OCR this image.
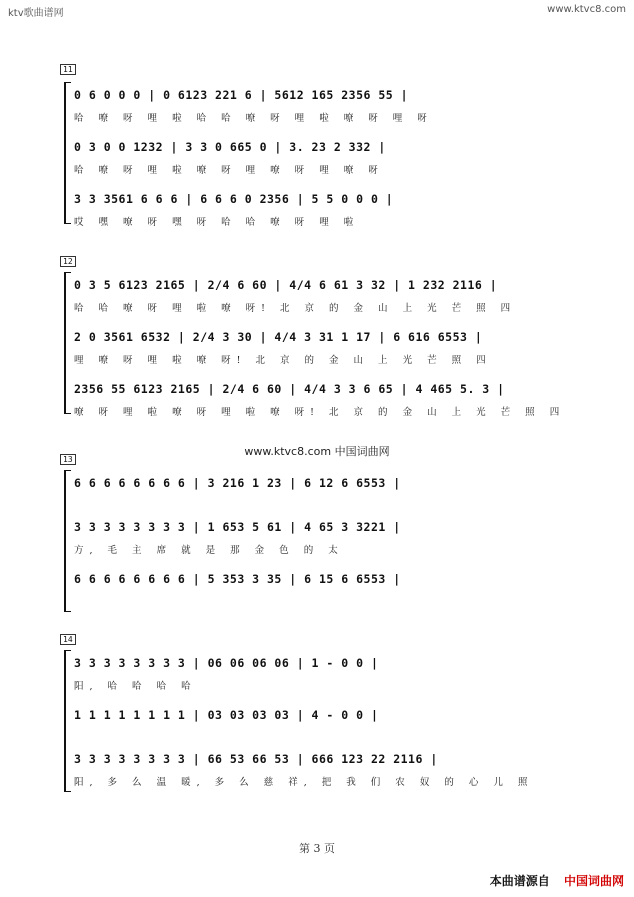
ktv歌曲谱网	www.ktvc8.com
11
0 6 0 0 0 | 0 6123 221 6 | 5612 165 2356 55 |
哈 嘹 呀 哩 啦 哈 哈 嘹 呀 哩 啦 嘹 呀 哩 呀
0 3 0 0 1232 | 3 3 0 665 0 | 3. 23 2 332 |
哈 嘹 呀 哩 啦 嘹 呀 哩 嘹 呀 哩 嘹 呀
3 3 3561 6 6 6 | 6 6 6 0 2356 | 5 5 0 0 0 |
哎 嘿 嘹 呀 嘿 呀 哈 哈 嘹 呀 哩 啦
12
0 3 5 6123 2165 | 2/4 6 60 | 4/4 6 61 3 32 | 1 232 2116 |
哈 哈 嘹 呀 哩 啦 嘹 呀! 北 京 的 金 山 上 光 芒 照 四
2 0 3561 6532 | 2/4 3 30 | 4/4 3 31 1 17 | 6 616 6553 |
哩 嘹 呀 哩 啦 嘹 呀! 北 京 的 金 山 上 光 芒 照 四
2356 55 6123 2165 | 2/4 6 60 | 4/4 3 3 6 65 | 4 465 5. 3 |
嘹 呀 哩 啦 嘹 呀 哩 啦 嘹 呀! 北 京 的 金 山 上 光 芒 照 四
www.ktvc8.com 中国词曲网
13
6 6 6 6 6 6 6 6 | 3 216 1 23 | 6 12 6 6553 |
3 3 3 3 3 3 3 3 | 1 653 5 61 | 4 65 3 3221 |
方, 毛 主 席 就 是 那 金 色 的 太
6 6 6 6 6 6 6 6 | 5 353 3 35 | 6 15 6 6553 |
14
3 3 3 3 3 3 3 3 | 06 06 06 06 | 1 - 0 0 |
阳, 哈 哈 哈 哈
1 1 1 1 1 1 1 1 | 03 03 03 03 | 4 - 0 0 |
3 3 3 3 3 3 3 3 | 66 53 66 53 | 666 123 22 2116 |
阳, 多 么 温 暖, 多 么 慈 祥, 把 我 们 农 奴 的 心 儿 照
第 3 页
本曲谱源自 中国词曲网
